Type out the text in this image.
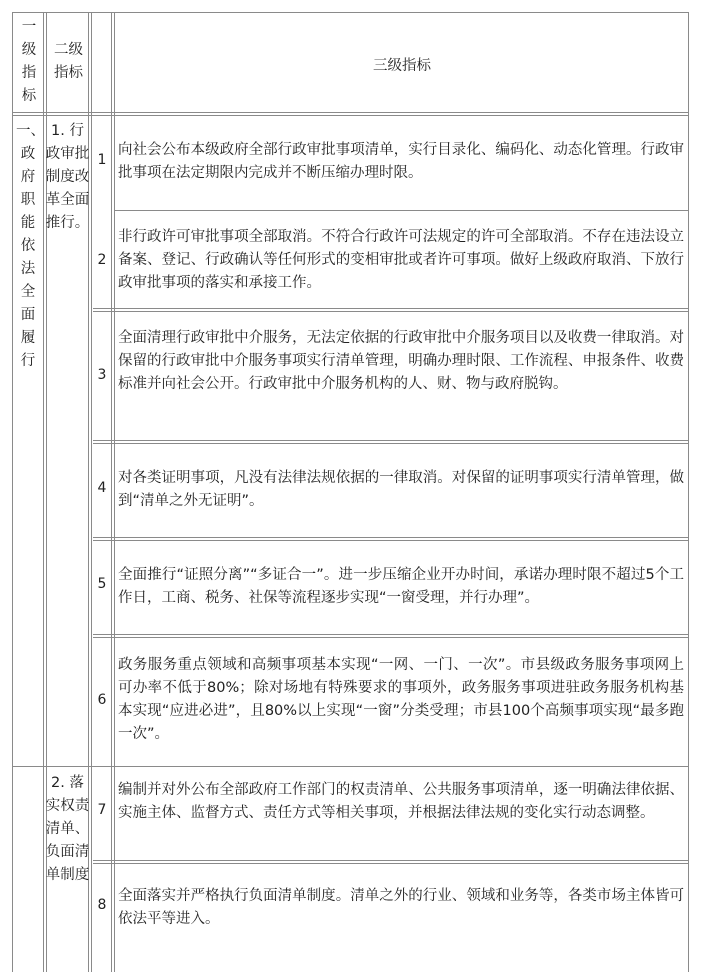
一级指标
二级指标	三级指标
一、政府职能依法全面履行
1. 行政审批制度改革全面推行。
2. 落实权责清单、负面清单制度
1
2
3
4
5
6
7
8
向社会公布本级政府全部行政审批事项清单，实行目录化、编码化、动态化管理。行政审批事项在法定期限内完成并不断压缩办理时限。
非行政许可审批事项全部取消。不符合行政许可法规定的许可全部取消。不存在违法设立备案、登记、行政确认等任何形式的变相审批或者许可事项。做好上级政府取消、下放行政审批事项的落实和承接工作。
全面清理行政审批中介服务，无法定依据的行政审批中介服务项目以及收费一律取消。对保留的行政审批中介服务事项实行清单管理，明确办理时限、工作流程、申报条件、收费标准并向社会公开。行政审批中介服务机构的人、财、物与政府脱钩。
对各类证明事项，凡没有法律法规依据的一律取消。对保留的证明事项实行清单管理，做到“清单之外无证明”。
全面推行“证照分离”“多证合一”。进一步压缩企业开办时间，承诺办理时限不超过5个工作日，工商、税务、社保等流程逐步实现“一窗受理，并行办理”。
政务服务重点领域和高频事项基本实现“一网、一门、一次”。市县级政务服务事项网上可办率不低于80%；除对场地有特殊要求的事项外，政务服务事项进驻政务服务机构基本实现“应进必进”，且80%以上实现“一窗”分类受理；市县100个高频事项实现“最多跑一次”。
编制并对外公布全部政府工作部门的权责清单、公共服务事项清单，逐一明确法律依据、实施主体、监督方式、责任方式等相关事项，并根据法律法规的变化实行动态调整。
全面落实并严格执行负面清单制度。清单之外的行业、领域和业务等，各类市场主体皆可依法平等进入。
